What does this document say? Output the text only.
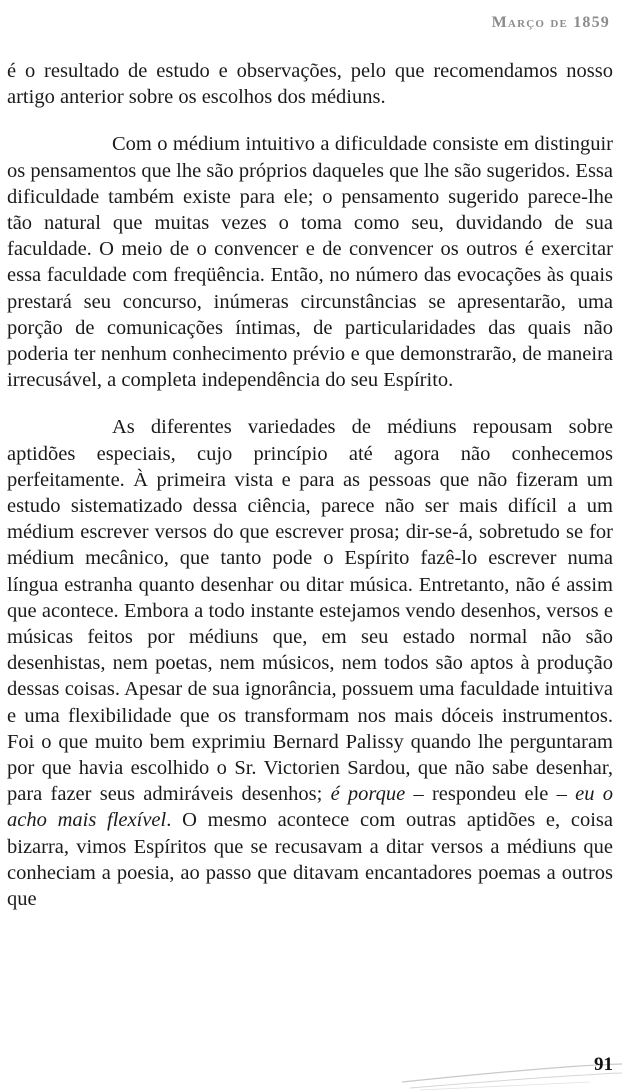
Março de 1859

é o resultado de estudo e observações, pelo que recomendamos nosso artigo anterior sobre os escolhos dos médiuns.

Com o médium intuitivo a dificuldade consiste em distinguir os pensamentos que lhe são próprios daqueles que lhe são sugeridos. Essa dificuldade também existe para ele; o pensamento sugerido parece-lhe tão natural que muitas vezes o toma como seu, duvidando de sua faculdade. O meio de o convencer e de convencer os outros é exercitar essa faculdade com freqüência. Então, no número das evocações às quais prestará seu concurso, inúmeras circunstâncias se apresentarão, uma porção de comunicações íntimas, de particularidades das quais não poderia ter nenhum conhecimento prévio e que demonstrarão, de maneira irrecusável, a completa independência do seu Espírito.

As diferentes variedades de médiuns repousam sobre aptidões especiais, cujo princípio até agora não conhecemos perfeitamente. À primeira vista e para as pessoas que não fizeram um estudo sistematizado dessa ciência, parece não ser mais difícil a um médium escrever versos do que escrever prosa; dir-se-á, sobretudo se for médium mecânico, que tanto pode o Espírito fazê-lo escrever numa língua estranha quanto desenhar ou ditar música. Entretanto, não é assim que acontece. Embora a todo instante estejamos vendo desenhos, versos e músicas feitos por médiuns que, em seu estado normal não são desenhistas, nem poetas, nem músicos, nem todos são aptos à produção dessas coisas. Apesar de sua ignorância, possuem uma faculdade intuitiva e uma flexibilidade que os transformam nos mais dóceis instrumentos. Foi o que muito bem exprimiu Bernard Palissy quando lhe perguntaram por que havia escolhido o Sr. Victorien Sardou, que não sabe desenhar, para fazer seus admiráveis desenhos; é porque – respondeu ele – eu o acho mais flexível. O mesmo acontece com outras aptidões e, coisa bizarra, vimos Espíritos que se recusavam a ditar versos a médiuns que conheciam a poesia, ao passo que ditavam encantadores poemas a outros que

91
